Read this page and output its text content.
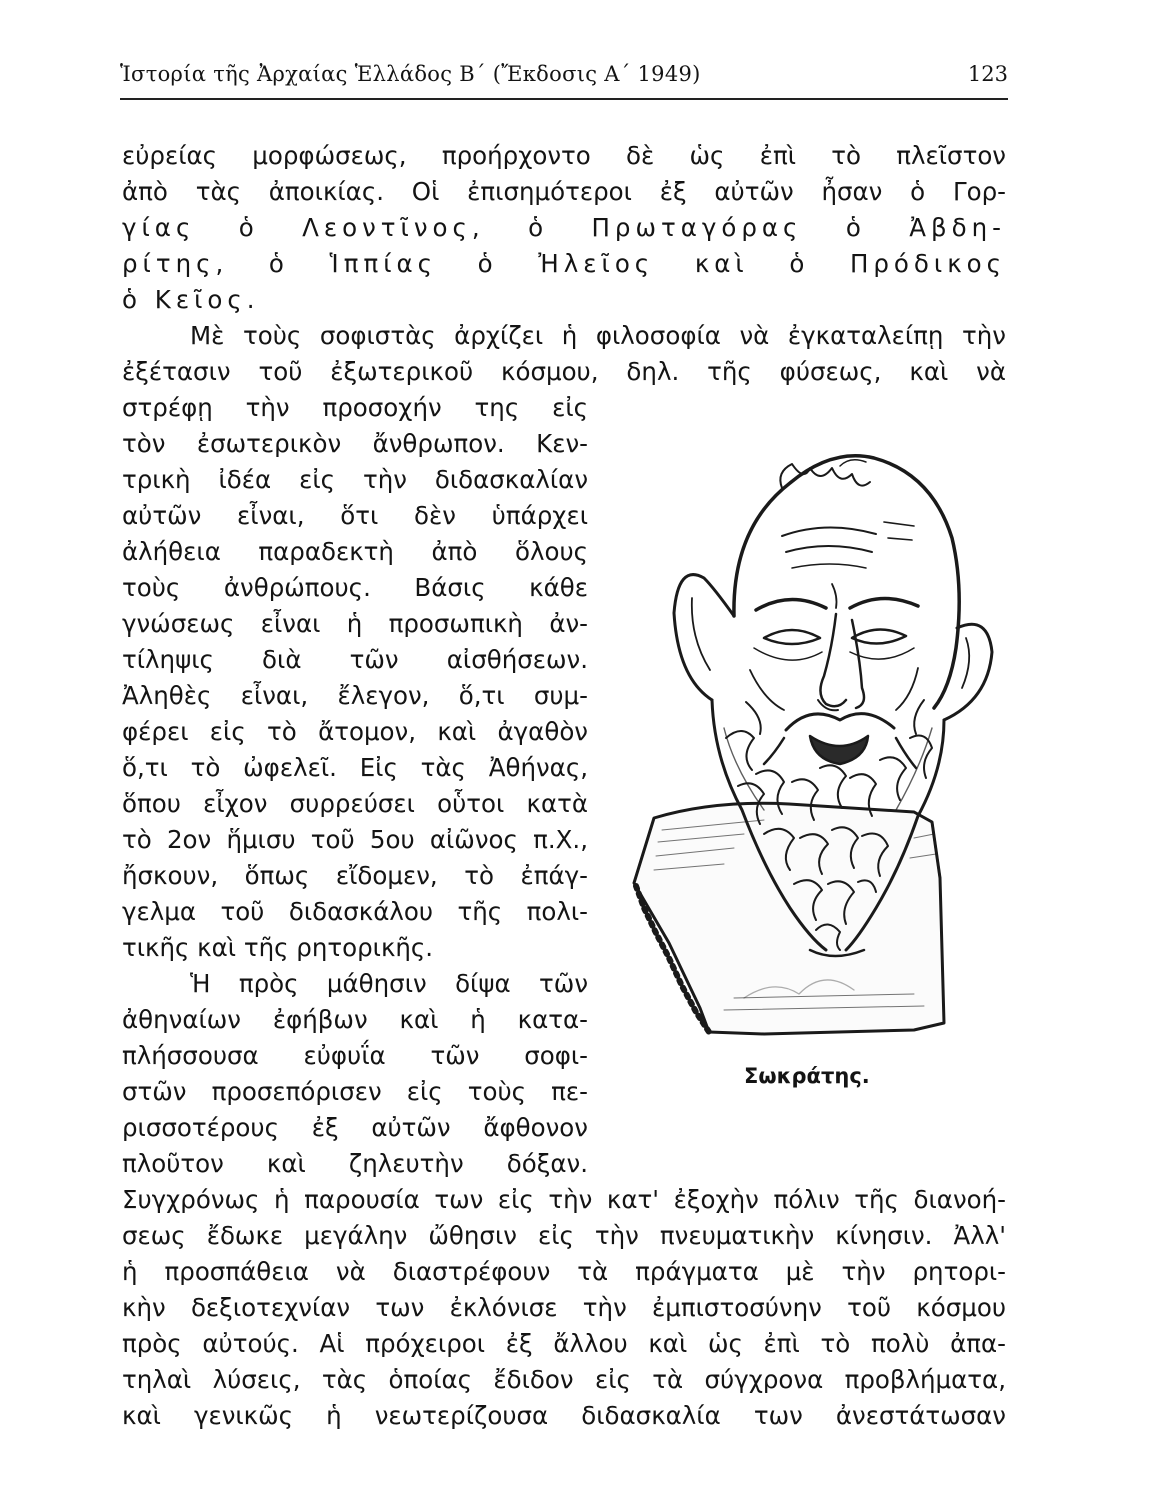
Ἱστορία τῆς Ἀρχαίας Ἑλλάδος Β΄ (Ἔκδοσις Α΄ 1949)	123
εὐρείας μορφώσεως, προήρχοντο δὲ ὡς ἐπὶ τὸ πλεῖστον
ἀπὸ τὰς ἀποικίας. Οἱ ἐπισημότεροι ἐξ αὐτῶν ἦσαν ὁ Γορ-
γίας ὁ Λεοντῖνος, ὁ Πρωταγόρας ὁ Ἀβδη-
ρίτης, ὁ Ἱππίας ὁ Ἠλεῖος καὶ ὁ Πρόδικος
ὁ Κεῖος.
Μὲ τοὺς σοφιστὰς ἀρχίζει ἡ φιλοσοφία νὰ ἐγκαταλείπῃ τὴν
ἐξέτασιν τοῦ ἐξωτερικοῦ κόσμου, δηλ. τῆς φύσεως, καὶ νὰ
στρέφῃ τὴν προσοχήν της εἰς
τὸν ἐσωτερικὸν ἄνθρωπον. Κεν-
τρικὴ ἰδέα εἰς τὴν διδασκαλίαν
αὐτῶν εἶναι, ὅτι δὲν ὑπάρχει
ἀλήθεια παραδεκτὴ ἀπὸ ὅλους
τοὺς ἀνθρώπους. Βάσις κάθε
γνώσεως εἶναι ἡ προσωπικὴ ἀν-
τίληψις διὰ τῶν αἰσθήσεων.
Ἀληθὲς εἶναι, ἔλεγον, ὅ,τι συμ-
φέρει εἰς τὸ ἄτομον, καὶ ἀγαθὸν
ὅ,τι τὸ ὠφελεῖ. Εἰς τὰς Ἀθήνας,
ὅπου εἶχον συρρεύσει οὗτοι κατὰ
τὸ 2ον ἥμισυ τοῦ 5ου αἰῶνος π.Χ.,
ἤσκουν, ὅπως εἴδομεν, τὸ ἐπάγ-
γελμα τοῦ διδασκάλου τῆς πολι-
τικῆς καὶ τῆς ρητορικῆς.
Ἡ πρὸς μάθησιν δίψα τῶν
ἀθηναίων ἐφήβων καὶ ἡ κατα-
πλήσσουσα εὐφυΐα τῶν σοφι-
στῶν προσεπόρισεν εἰς τοὺς πε-
ρισσοτέρους ἐξ αὐτῶν ἄφθονον
πλοῦτον καὶ ζηλευτὴν δόξαν.
Συγχρόνως ἡ παρουσία των εἰς τὴν κατ' ἐξοχὴν πόλιν τῆς διανοή-
σεως ἔδωκε μεγάλην ὤθησιν εἰς τὴν πνευματικὴν κίνησιν. Ἀλλ'
ἡ προσπάθεια νὰ διαστρέφουν τὰ πράγματα μὲ τὴν ρητορι-
κὴν δεξιοτεχνίαν των ἐκλόνισε τὴν ἐμπιστοσύνην τοῦ κόσμου
πρὸς αὐτούς. Αἱ πρόχειροι ἐξ ἄλλου καὶ ὡς ἐπὶ τὸ πολὺ ἀπα-
τηλαὶ λύσεις, τὰς ὁποίας ἔδιδον εἰς τὰ σύγχρονα προβλήματα,
καὶ γενικῶς ἡ νεωτερίζουσα διδασκαλία των ἀνεστάτωσαν
Σωκράτης.
